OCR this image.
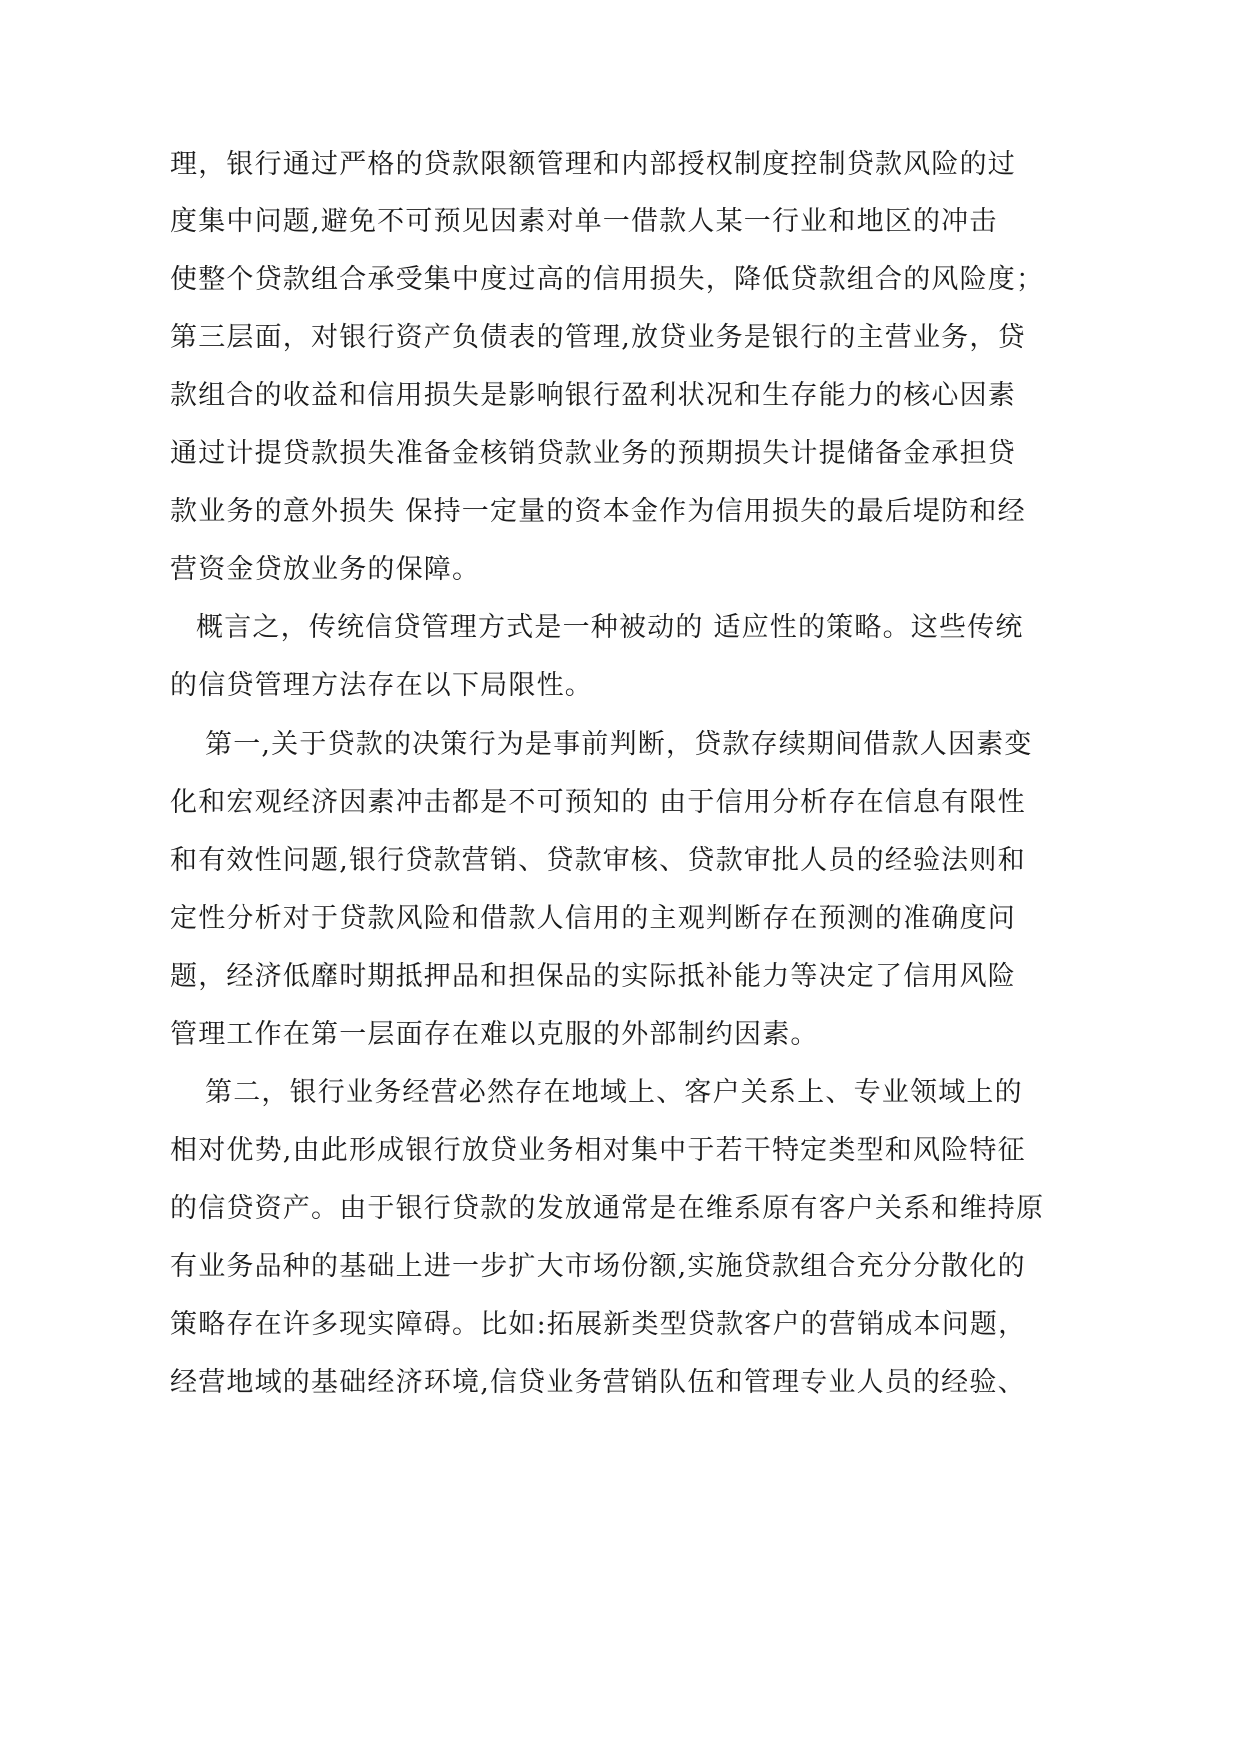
理，银行通过严格的贷款限额管理和内部授权制度控制贷款风险的过

度集中问题,避免不可预见因素对单一借款人某一行业和地区的冲击

使整个贷款组合承受集中度过高的信用损失，降低贷款组合的风险度；

第三层面，对银行资产负债表的管理,放贷业务是银行的主营业务，贷

款组合的收益和信用损失是影响银行盈利状况和生存能力的核心因素

通过计提贷款损失准备金核销贷款业务的预期损失计提储备金承担贷

款业务的意外损失 保持一定量的资本金作为信用损失的最后堤防和经

营资金贷放业务的保障。

概言之，传统信贷管理方式是一种被动的 适应性的策略。这些传统

的信贷管理方法存在以下局限性。

第一,关于贷款的决策行为是事前判断，贷款存续期间借款人因素变

化和宏观经济因素冲击都是不可预知的 由于信用分析存在信息有限性

和有效性问题,银行贷款营销、贷款审核、贷款审批人员的经验法则和

定性分析对于贷款风险和借款人信用的主观判断存在预测的准确度问

题，经济低靡时期抵押品和担保品的实际抵补能力等决定了信用风险

管理工作在第一层面存在难以克服的外部制约因素。

第二，银行业务经营必然存在地域上、客户关系上、专业领域上的

相对优势,由此形成银行放贷业务相对集中于若干特定类型和风险特征

的信贷资产。由于银行贷款的发放通常是在维系原有客户关系和维持原

有业务品种的基础上进一步扩大市场份额,实施贷款组合充分分散化的

策略存在许多现实障碍。比如:拓展新类型贷款客户的营销成本问题，

经营地域的基础经济环境,信贷业务营销队伍和管理专业人员的经验、
